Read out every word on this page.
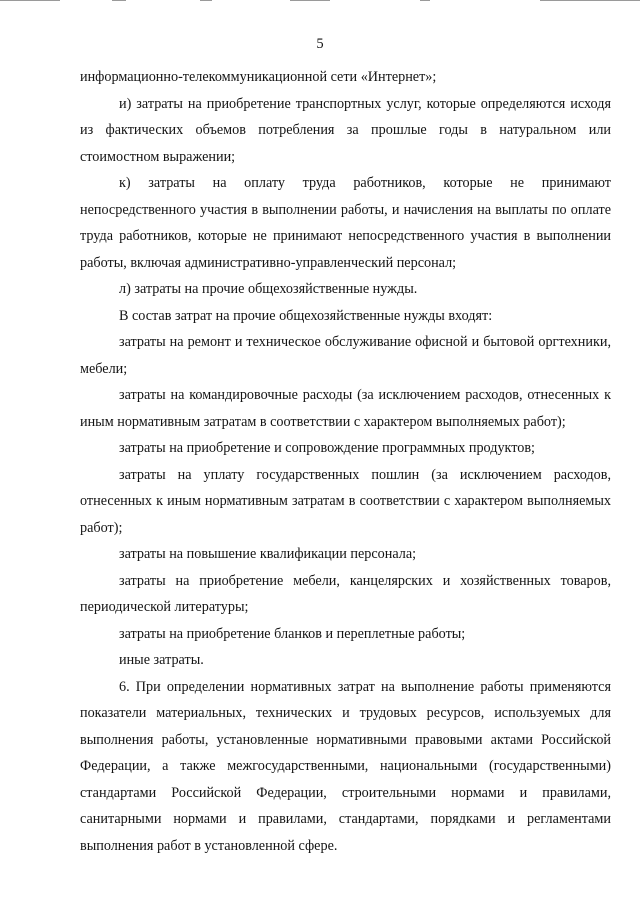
5

информационно-телекоммуникационной сети «Интернет»;

и) затраты на приобретение транспортных услуг, которые определяются исходя из фактических объемов потребления за прошлые годы в натуральном или стоимостном выражении;

к) затраты на оплату труда работников, которые не принимают непосредственного участия в выполнении работы, и начисления на выплаты по оплате труда работников, которые не принимают непосредственного участия в выполнении работы, включая административно-управленческий персонал;

л) затраты на прочие общехозяйственные нужды.

В состав затрат на прочие общехозяйственные нужды входят:

затраты на ремонт и техническое обслуживание офисной и бытовой оргтехники, мебели;

затраты на командировочные расходы (за исключением расходов, отнесенных к иным нормативным затратам в соответствии с характером выполняемых работ);

затраты на приобретение и сопровождение программных продуктов;

затраты на уплату государственных пошлин (за исключением расходов, отнесенных к иным нормативным затратам в соответствии с характером выполняемых работ);

затраты на повышение квалификации персонала;

затраты на приобретение мебели, канцелярских и хозяйственных товаров, периодической литературы;

затраты на приобретение бланков и переплетные работы;

иные затраты.

6. При определении нормативных затрат на выполнение работы применяются показатели материальных, технических и трудовых ресурсов, используемых для выполнения работы, установленные нормативными правовыми актами Российской Федерации, а также межгосударственными, национальными (государственными) стандартами Российской Федерации, строительными нормами и правилами, санитарными нормами и правилами, стандартами, порядками и регламентами выполнения работ в установленной сфере.
